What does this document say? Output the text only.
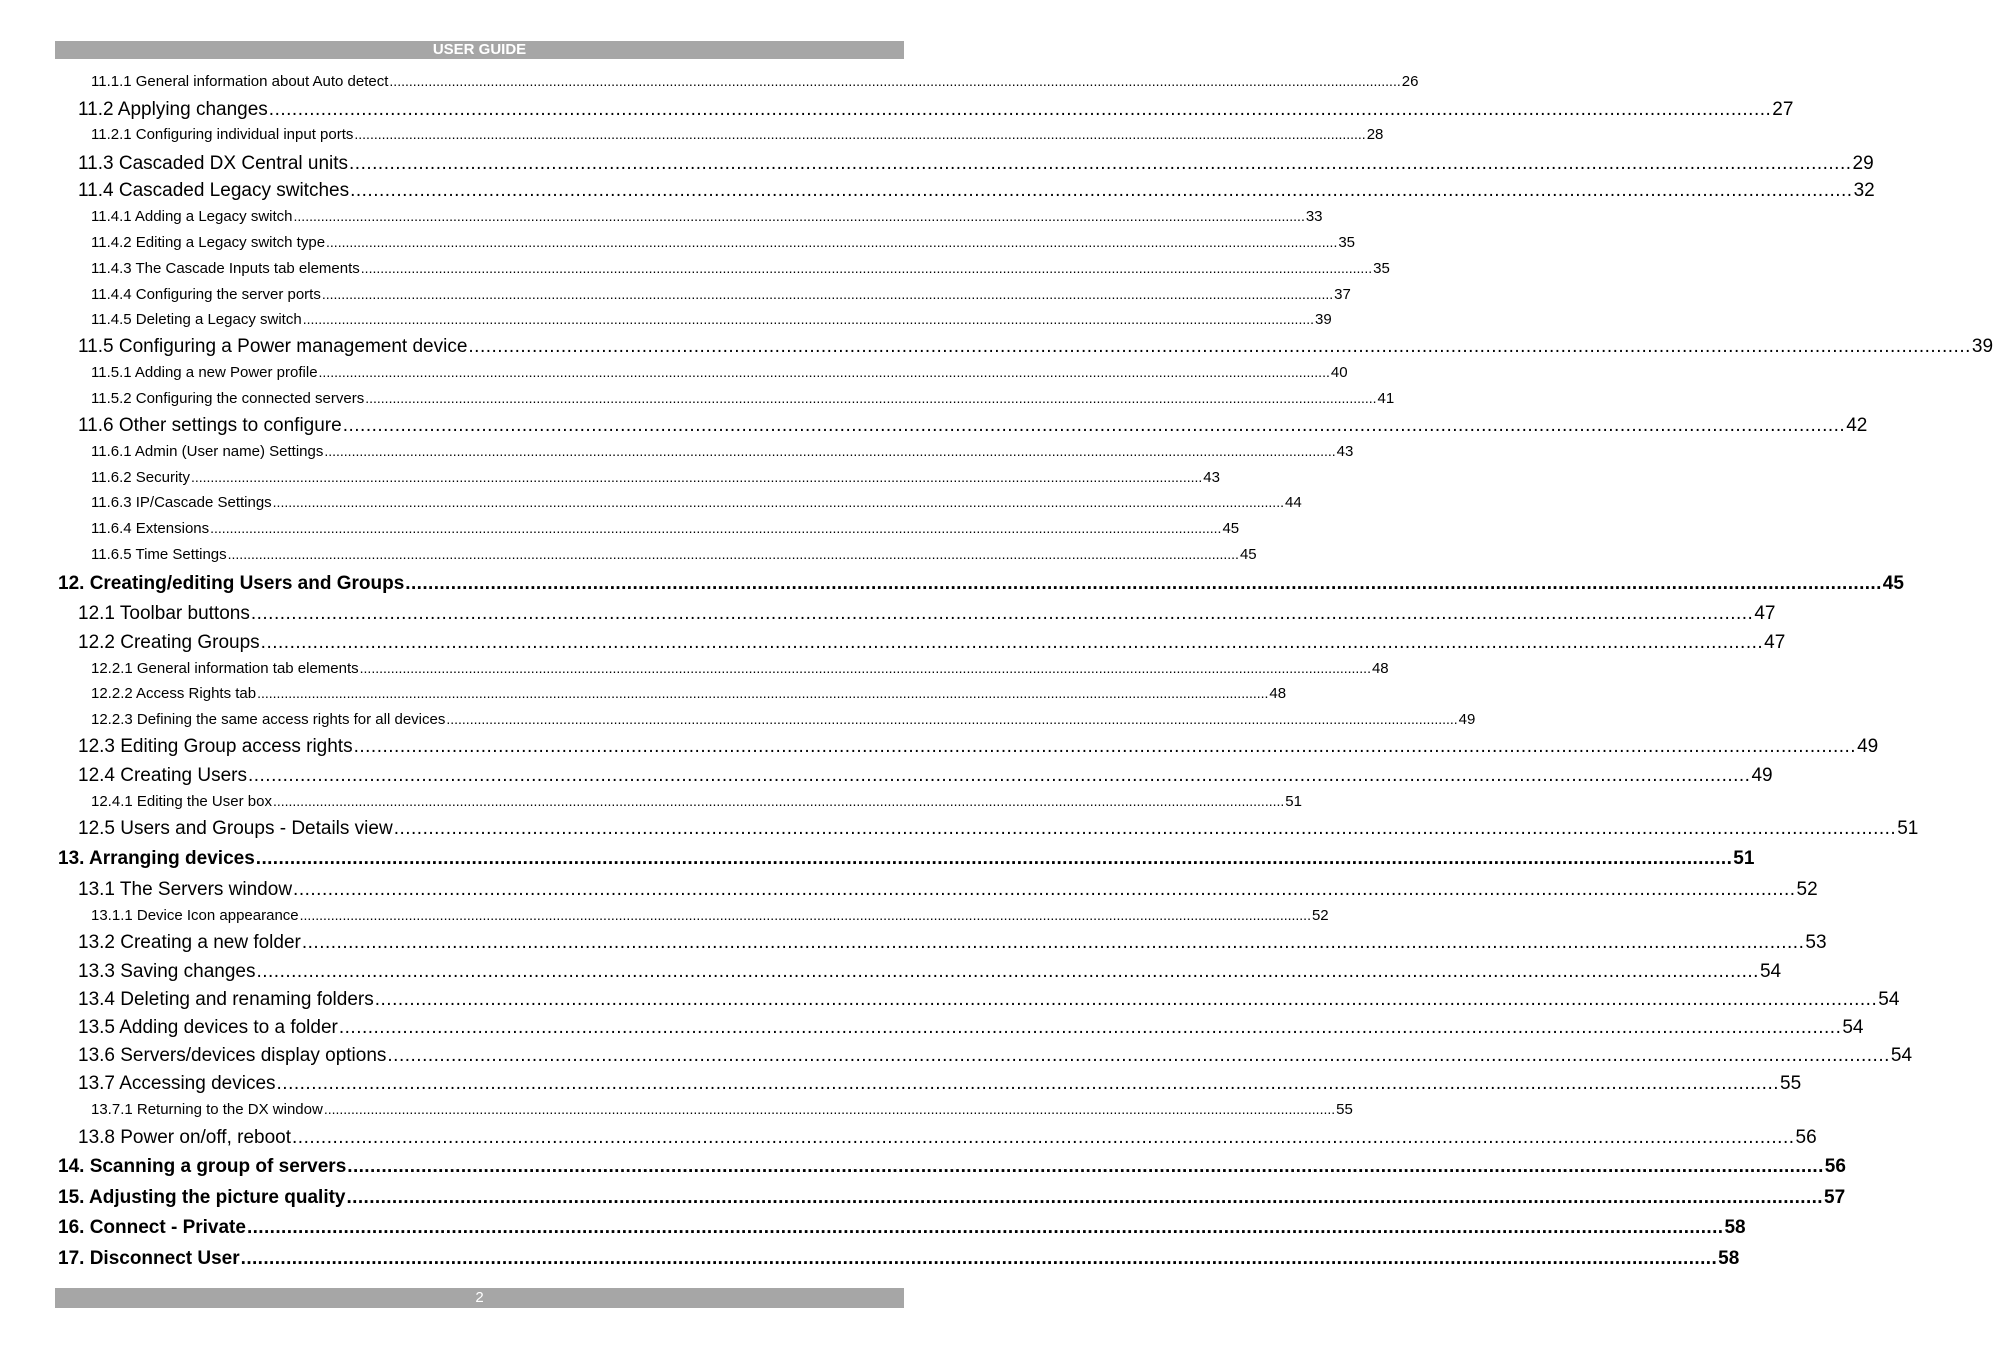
USER GUIDE
11.1.1 General information about Auto detect .................................................................................................................................................................................................................................................................... 26
11.2 Applying changes .................................................................................................................................................................................................................................................................... 27
11.2.1 Configuring individual input ports .................................................................................................................................................................................................................................................................... 28
11.3 Cascaded DX Central units .................................................................................................................................................................................................................................................................... 29
11.4 Cascaded Legacy switches .................................................................................................................................................................................................................................................................... 32
11.4.1 Adding a Legacy switch .................................................................................................................................................................................................................................................................... 33
11.4.2 Editing a Legacy switch type .................................................................................................................................................................................................................................................................... 35
11.4.3 The Cascade Inputs tab elements .................................................................................................................................................................................................................................................................... 35
11.4.4 Configuring the server ports .................................................................................................................................................................................................................................................................... 37
11.4.5 Deleting a Legacy switch .................................................................................................................................................................................................................................................................... 39
11.5 Configuring a Power management device .................................................................................................................................................................................................................................................................... 39
11.5.1 Adding a new Power profile .................................................................................................................................................................................................................................................................... 40
11.5.2 Configuring the connected servers .................................................................................................................................................................................................................................................................... 41
11.6 Other settings to configure .................................................................................................................................................................................................................................................................... 42
11.6.1 Admin (User name) Settings .................................................................................................................................................................................................................................................................... 43
11.6.2 Security .................................................................................................................................................................................................................................................................... 43
11.6.3 IP/Cascade Settings .................................................................................................................................................................................................................................................................... 44
11.6.4 Extensions .................................................................................................................................................................................................................................................................... 45
11.6.5 Time Settings .................................................................................................................................................................................................................................................................... 45
12. Creating/editing Users and Groups .................................................................................................................................................................................................................................................................... 45
12.1 Toolbar buttons .................................................................................................................................................................................................................................................................... 47
12.2 Creating Groups .................................................................................................................................................................................................................................................................... 47
12.2.1 General information tab elements .................................................................................................................................................................................................................................................................... 48
12.2.2 Access Rights tab .................................................................................................................................................................................................................................................................... 48
12.2.3 Defining the same access rights for all devices .................................................................................................................................................................................................................................................................... 49
12.3 Editing Group access rights .................................................................................................................................................................................................................................................................... 49
12.4 Creating Users .................................................................................................................................................................................................................................................................... 49
12.4.1 Editing the User box .................................................................................................................................................................................................................................................................... 51
12.5 Users and Groups - Details view .................................................................................................................................................................................................................................................................... 51
13. Arranging devices .................................................................................................................................................................................................................................................................... 51
13.1 The Servers window .................................................................................................................................................................................................................................................................... 52
13.1.1 Device Icon appearance .................................................................................................................................................................................................................................................................... 52
13.2 Creating a new folder .................................................................................................................................................................................................................................................................... 53
13.3 Saving changes .................................................................................................................................................................................................................................................................... 54
13.4 Deleting and renaming folders .................................................................................................................................................................................................................................................................... 54
13.5 Adding devices to a folder .................................................................................................................................................................................................................................................................... 54
13.6 Servers/devices display options .................................................................................................................................................................................................................................................................... 54
13.7 Accessing devices .................................................................................................................................................................................................................................................................... 55
13.7.1 Returning to the DX window .................................................................................................................................................................................................................................................................... 55
13.8 Power on/off, reboot .................................................................................................................................................................................................................................................................... 56
14. Scanning a group of servers .................................................................................................................................................................................................................................................................... 56
15. Adjusting the picture quality .................................................................................................................................................................................................................................................................... 57
16. Connect - Private .................................................................................................................................................................................................................................................................... 58
17. Disconnect User .................................................................................................................................................................................................................................................................... 58
2
